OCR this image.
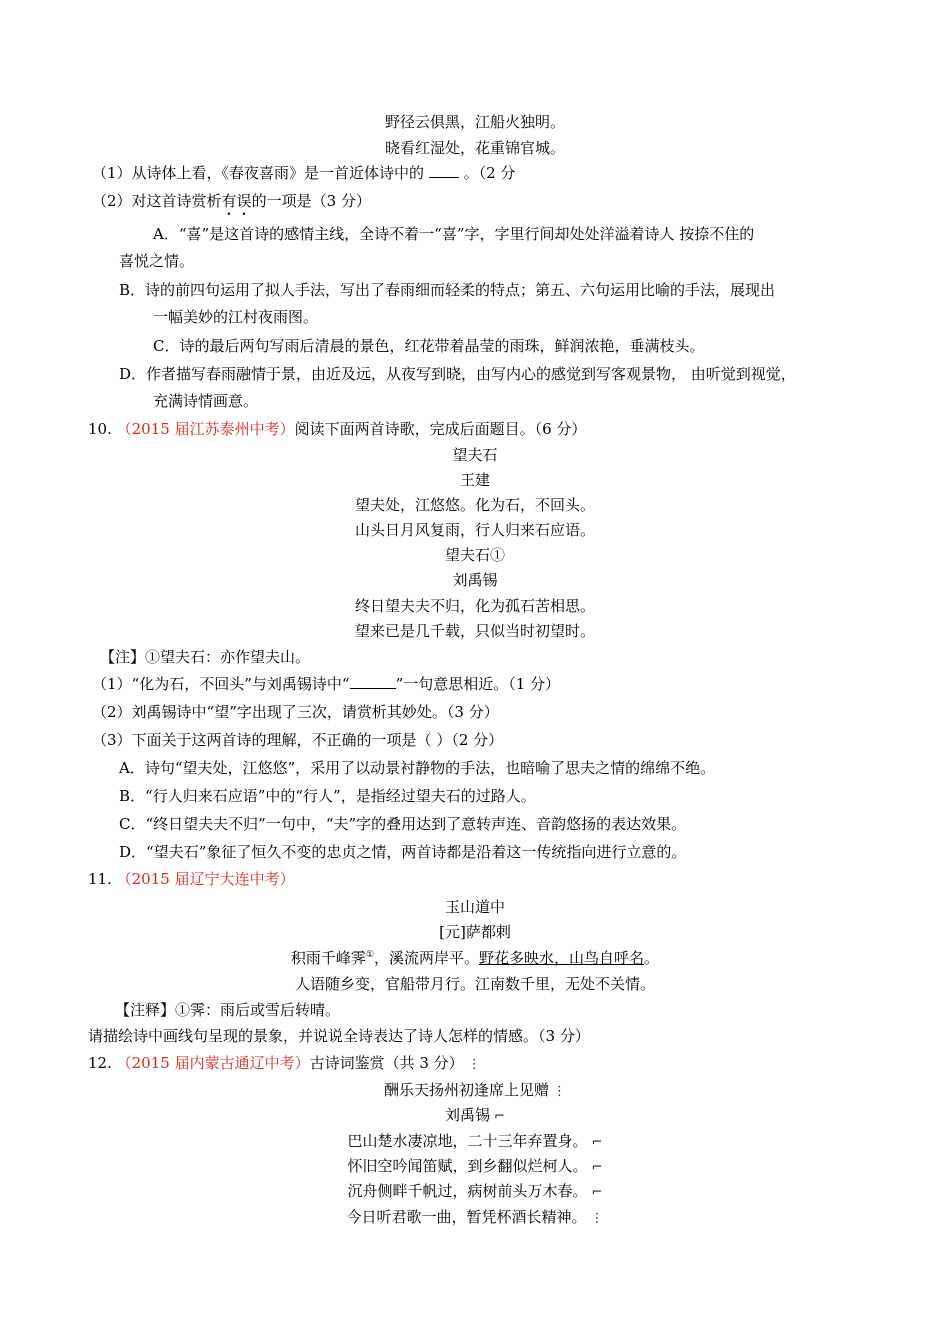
野径云俱黑，江船火独明。
晓看红湿处，花重锦官城。
（1）从诗体上看，《春夜喜雨》是一首近体诗中的	。（2 分
（2）对这首诗赏析有误的一项是（3 分）
A．“喜”是这首诗的感情主线，全诗不着一“喜”字，字里行间却处处洋溢着诗人 按捺不住的
喜悦之情。
B．诗的前四句运用了拟人手法，写出了春雨细而轻柔的特点；第五、六句运用比喻的手法，展现出
一幅美妙的江村夜雨图。
C．诗的最后两句写雨后清晨的景色，红花带着晶莹的雨珠，鲜润浓艳，垂满枝头。
D．作者描写春雨融情于景，由近及远，从夜写到晓，由写内心的感觉到写客观景物， 由听觉到视觉，
充满诗情画意。
10. （2015 届江苏泰州中考）阅读下面两首诗歌，完成后面题目。（6 分）
望夫石
王建
望夫处，江悠悠。化为石，不回头。
山头日月风复雨，行人归来石应语。
望夫石①
刘禹锡
终日望夫夫不归，化为孤石苦相思。
望来已是几千载，只似当时初望时。
【注】①望夫石：亦作望夫山。
（1）“化为石，不回头”与刘禹锡诗中“	”一句意思相近。（1 分）
（2）刘禹锡诗中“望”字出现了三次，请赏析其妙处。（3 分）
（3）下面关于这两首诗的理解，不正确的一项是（ ）（2 分）
A．诗句“望夫处，江悠悠”，采用了以动景衬静物的手法，也暗喻了思夫之情的绵绵不绝。
B．“行人归来石应语”中的“行人”，是指经过望夫石的过路人。
C．“终日望夫夫不归”一句中，“夫”字的叠用达到了意转声连、音韵悠扬的表达效果。
D．“望夫石”象征了恒久不变的忠贞之情，两首诗都是沿着这一传统指向进行立意的。
11. （2015 届辽宁大连中考）
玉山道中
[元]萨都剌
积雨千峰霁①，溪流两岸平。野花多映水，山鸟自呼名。
人语随乡变，官船带月行。江南数千里，无处不关情。
【注释】①霁：雨后或雪后转晴。
请描绘诗中画线句呈现的景象，并说说全诗表达了诗人怎样的情感。（3 分）
12. （2015 届内蒙古通辽中考）古诗词鉴赏（共 3 分） ⋮
酬乐天扬州初逢席上见赠 ⋮
刘禹锡 ⌐
巴山楚水凄凉地，二十三年弃置身。 ⌐
怀旧空吟闻笛赋，到乡翻似烂柯人。 ⌐
沉舟侧畔千帆过，病树前头万木春。 ⌐
今日听君歌一曲，暂凭杯酒长精神。 ⋮
